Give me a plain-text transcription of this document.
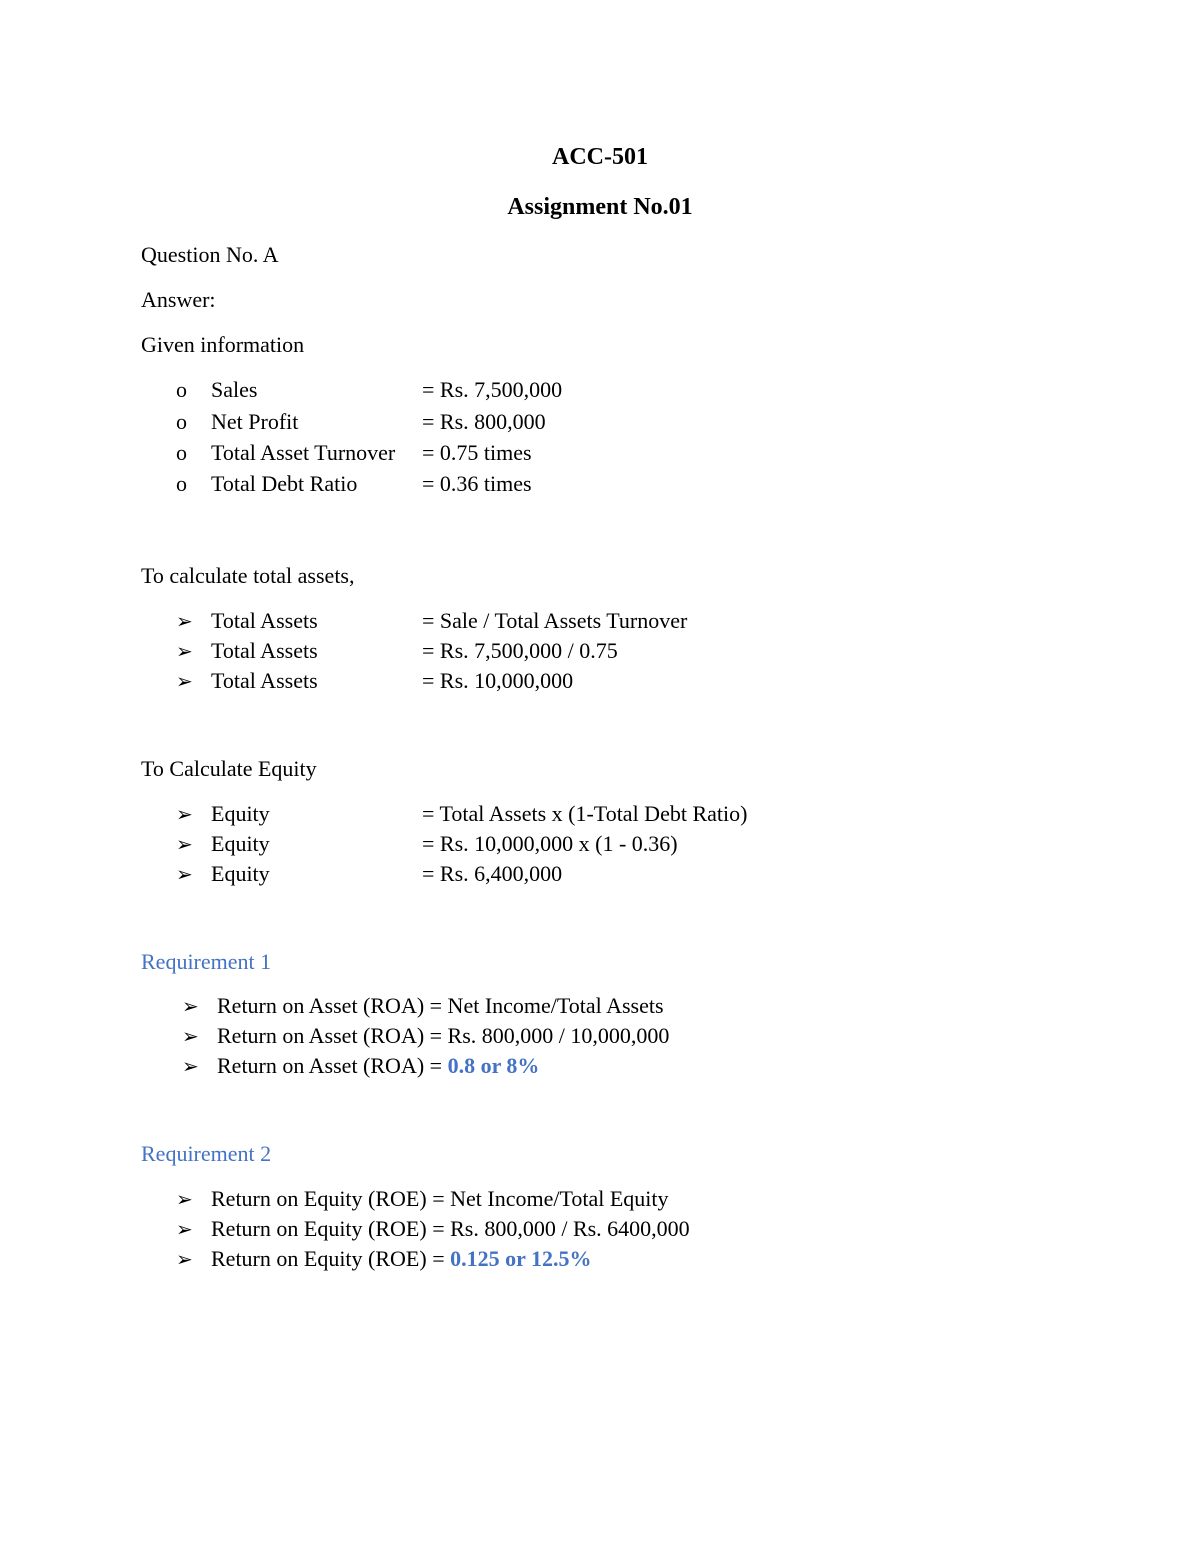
ACC-501
Assignment No.01

Question No. A

Answer:

Given information

o Sales	= Rs. 7,500,000
o Net Profit	= Rs. 800,000
o Total Asset Turnover = 0.75 times
o Total Debt Ratio	= 0.36 times

To calculate total assets,

➢ Total Assets	= Sale / Total Assets Turnover
➢ Total Assets	= Rs. 7,500,000 / 0.75
➢ Total Assets	= Rs. 10,000,000

To Calculate Equity

➢ Equity	= Total Assets x (1-Total Debt Ratio)
➢ Equity	= Rs. 10,000,000 x (1 - 0.36)
➢ Equity	= Rs. 6,400,000

Requirement 1

➢ Return on Asset (ROA) = Net Income/Total Assets
➢ Return on Asset (ROA) = Rs. 800,000 / 10,000,000
➢ Return on Asset (ROA) = 0.8 or 8%

Requirement 2

➢ Return on Equity (ROE) = Net Income/Total Equity
➢ Return on Equity (ROE) = Rs. 800,000 / Rs. 6400,000
➢ Return on Equity (ROE) = 0.125 or 12.5%
